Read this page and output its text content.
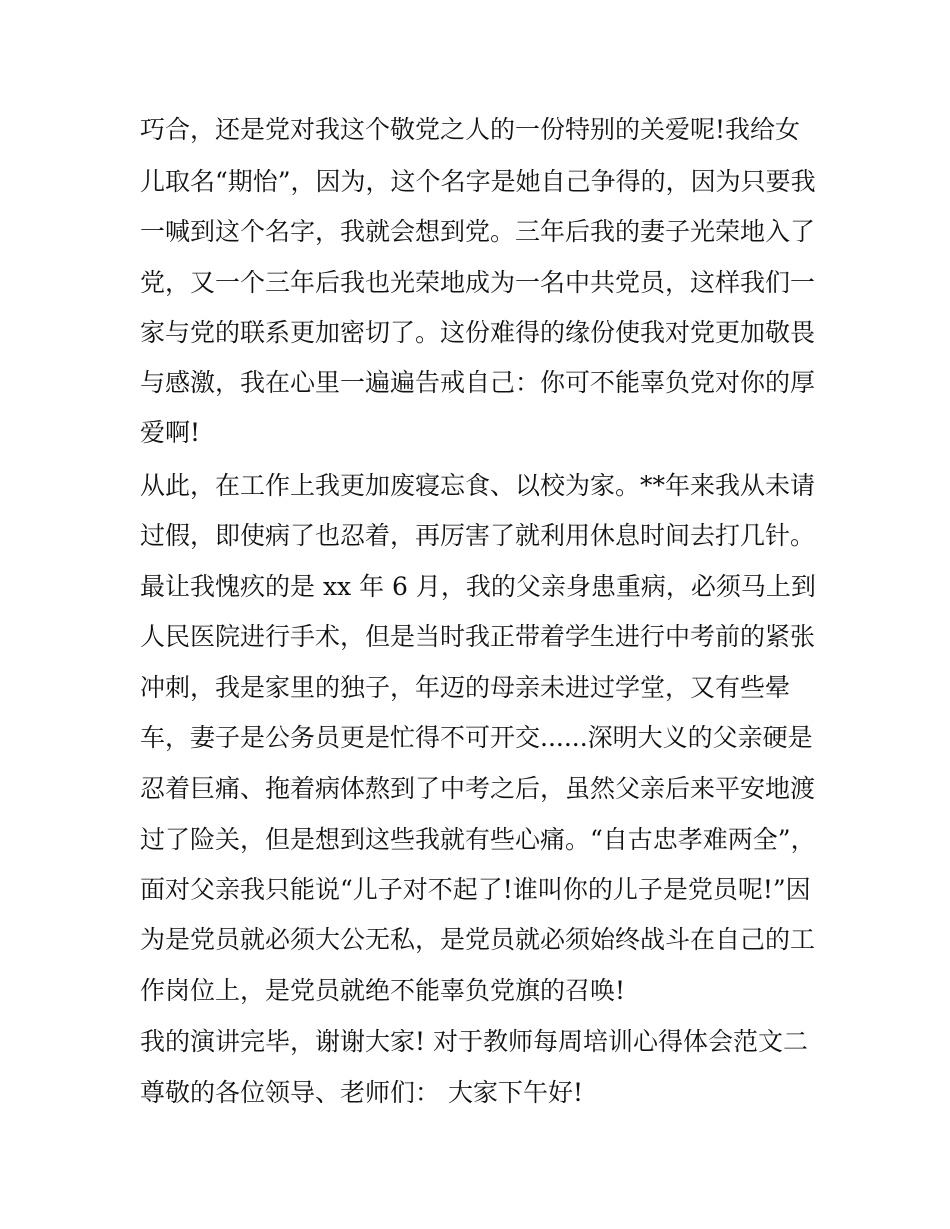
巧合，还是党对我这个敬党之人的一份特别的关爱呢!我给女
儿取名“期怡”，因为，这个名字是她自己争得的，因为只要我
一喊到这个名字，我就会想到党。三年后我的妻子光荣地入了
党，又一个三年后我也光荣地成为一名中共党员，这样我们一
家与党的联系更加密切了。这份难得的缘份使我对党更加敬畏
与感激，我在心里一遍遍告戒自己：你可不能辜负党对你的厚
爱啊!
从此，在工作上我更加废寝忘食、以校为家。**年来我从未请
过假，即使病了也忍着，再厉害了就利用休息时间去打几针。
最让我愧疚的是 xx 年 6 月，我的父亲身患重病，必须马上到
人民医院进行手术，但是当时我正带着学生进行中考前的紧张
冲刺，我是家里的独子，年迈的母亲未进过学堂，又有些晕
车，妻子是公务员更是忙得不可开交......深明大义的父亲硬是
忍着巨痛、拖着病体熬到了中考之后，虽然父亲后来平安地渡
过了险关，但是想到这些我就有些心痛。“自古忠孝难两全”，
面对父亲我只能说“儿子对不起了!谁叫你的儿子是党员呢!”因
为是党员就必须大公无私，是党员就必须始终战斗在自己的工
作岗位上，是党员就绝不能辜负党旗的召唤!
我的演讲完毕，谢谢大家! 对于教师每周培训心得体会范文二
尊敬的各位领导、老师们： 大家下午好!
